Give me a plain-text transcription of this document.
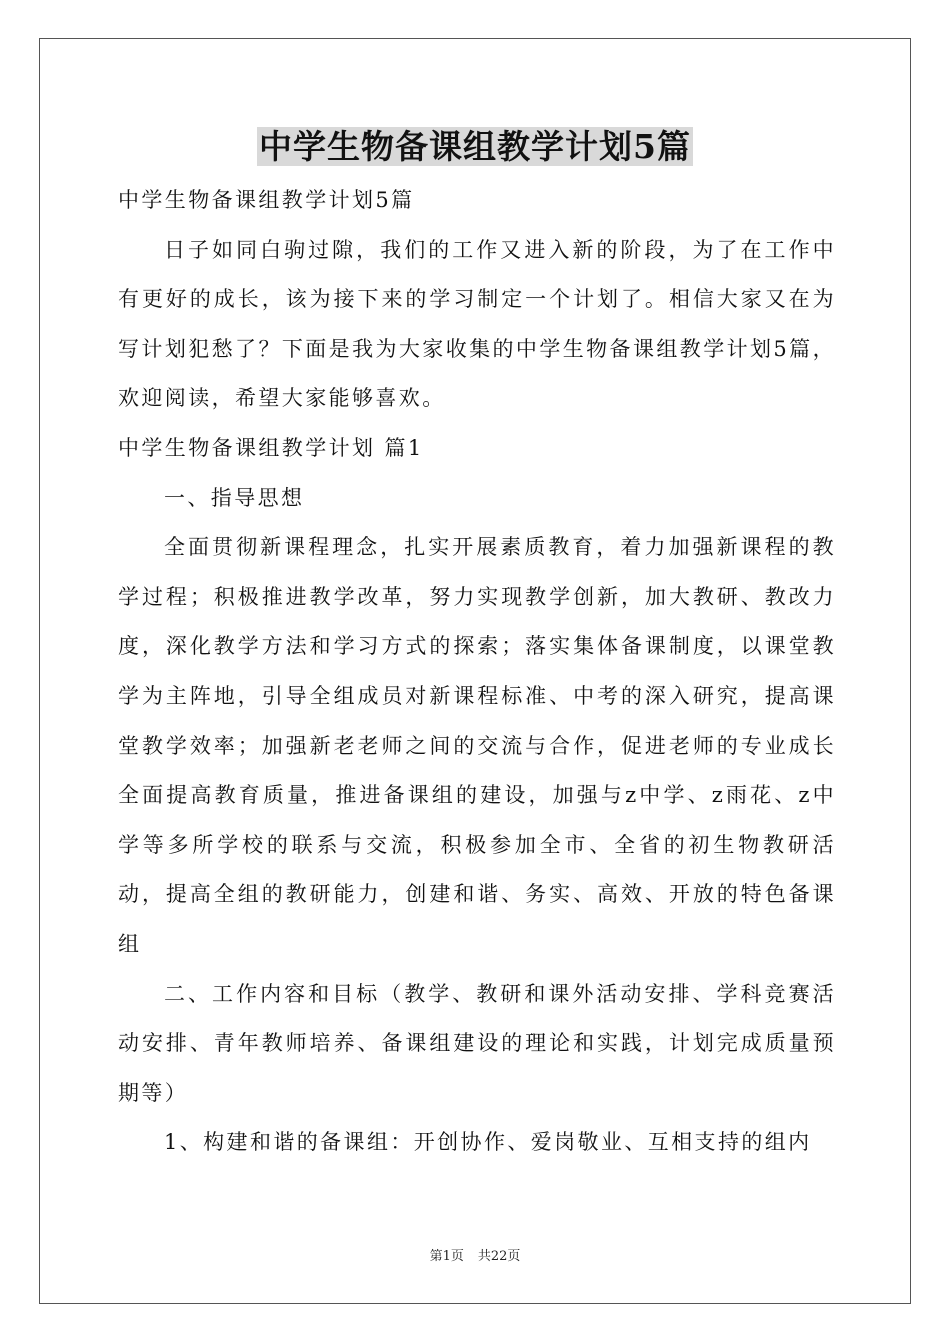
中学生物备课组教学计划5篇

中学生物备课组教学计划5篇

日子如同白驹过隙，我们的工作又进入新的阶段，为了在工作中有更好的成长，该为接下来的学习制定一个计划了。相信大家又在为写计划犯愁了？下面是我为大家收集的中学生物备课组教学计划5篇，欢迎阅读，希望大家能够喜欢。

中学生物备课组教学计划 篇1

一、指导思想

全面贯彻新课程理念，扎实开展素质教育，着力加强新课程的教学过程；积极推进教学改革，努力实现教学创新，加大教研、教改力度，深化教学方法和学习方式的探索；落实集体备课制度，以课堂教学为主阵地，引导全组成员对新课程标准、中考的深入研究，提高课堂教学效率；加强新老老师之间的交流与合作，促进老师的专业成长全面提高教育质量，推进备课组的建设，加强与z中学、z雨花、z中学等多所学校的联系与交流，积极参加全市、全省的初生物教研活动，提高全组的教研能力，创建和谐、务实、高效、开放的特色备课组

二、工作内容和目标（教学、教研和课外活动安排、学科竞赛活动安排、青年教师培养、备课组建设的理论和实践，计划完成质量预期等）

1、构建和谐的备课组：开创协作、爱岗敬业、互相支持的组内

第1页 共22页
